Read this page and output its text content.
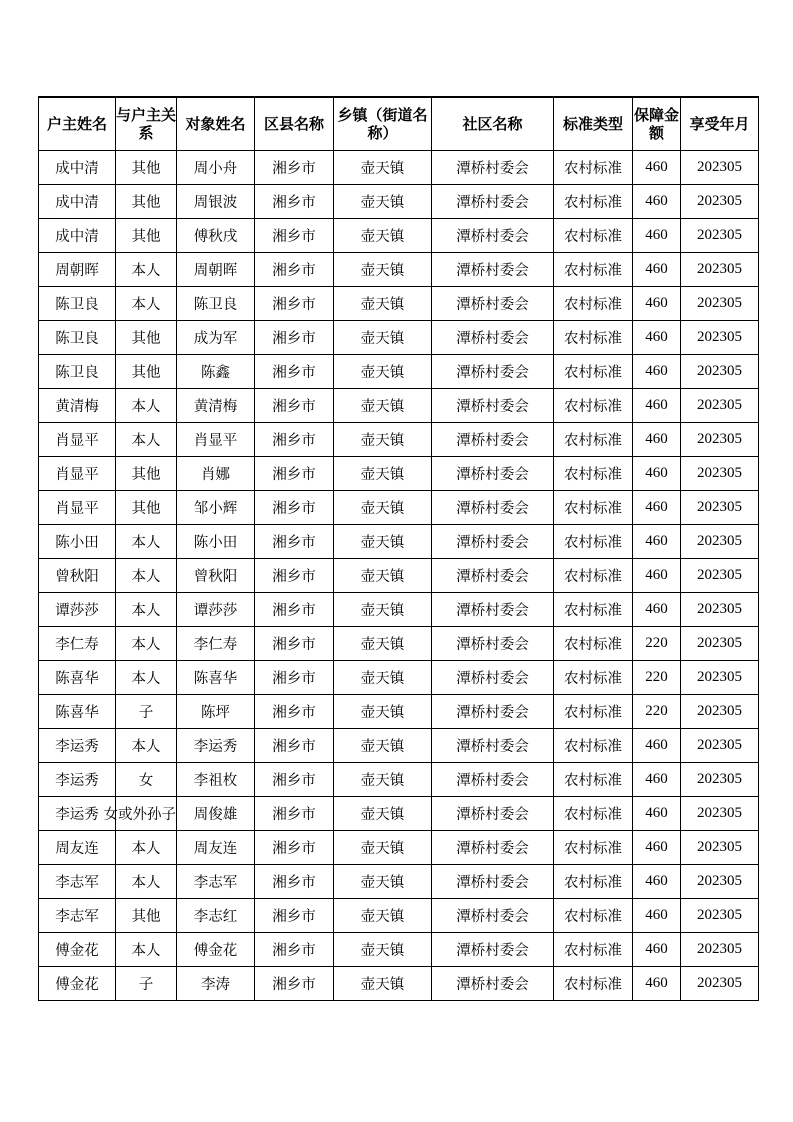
户主姓名	与户主关系	对象姓名	区县名称	乡镇（街道名称）	社区名称	标准类型	保障金额	享受年月
成中清	其他	周小舟	湘乡市	壶天镇	潭桥村委会	农村标准	460	202305
成中清	其他	周银波	湘乡市	壶天镇	潭桥村委会	农村标准	460	202305
成中清	其他	傅秋戌	湘乡市	壶天镇	潭桥村委会	农村标准	460	202305
周朝晖	本人	周朝晖	湘乡市	壶天镇	潭桥村委会	农村标准	460	202305
陈卫良	本人	陈卫良	湘乡市	壶天镇	潭桥村委会	农村标准	460	202305
陈卫良	其他	成为军	湘乡市	壶天镇	潭桥村委会	农村标准	460	202305
陈卫良	其他	陈鑫	湘乡市	壶天镇	潭桥村委会	农村标准	460	202305
黄清梅	本人	黄清梅	湘乡市	壶天镇	潭桥村委会	农村标准	460	202305
肖显平	本人	肖显平	湘乡市	壶天镇	潭桥村委会	农村标准	460	202305
肖显平	其他	肖娜	湘乡市	壶天镇	潭桥村委会	农村标准	460	202305
肖显平	其他	邹小辉	湘乡市	壶天镇	潭桥村委会	农村标准	460	202305
陈小田	本人	陈小田	湘乡市	壶天镇	潭桥村委会	农村标准	460	202305
曾秋阳	本人	曾秋阳	湘乡市	壶天镇	潭桥村委会	农村标准	460	202305
谭莎莎	本人	谭莎莎	湘乡市	壶天镇	潭桥村委会	农村标准	460	202305
李仁寿	本人	李仁寿	湘乡市	壶天镇	潭桥村委会	农村标准	220	202305
陈喜华	本人	陈喜华	湘乡市	壶天镇	潭桥村委会	农村标准	220	202305
陈喜华	子	陈坪	湘乡市	壶天镇	潭桥村委会	农村标准	220	202305
李运秀	本人	李运秀	湘乡市	壶天镇	潭桥村委会	农村标准	460	202305
李运秀	女	李祖枚	湘乡市	壶天镇	潭桥村委会	农村标准	460	202305
李运秀	女或外孙子	周俊雄	湘乡市	壶天镇	潭桥村委会	农村标准	460	202305
周友连	本人	周友连	湘乡市	壶天镇	潭桥村委会	农村标准	460	202305
李志军	本人	李志军	湘乡市	壶天镇	潭桥村委会	农村标准	460	202305
李志军	其他	李志红	湘乡市	壶天镇	潭桥村委会	农村标准	460	202305
傅金花	本人	傅金花	湘乡市	壶天镇	潭桥村委会	农村标准	460	202305
傅金花	子	李涛	湘乡市	壶天镇	潭桥村委会	农村标准	460	202305
